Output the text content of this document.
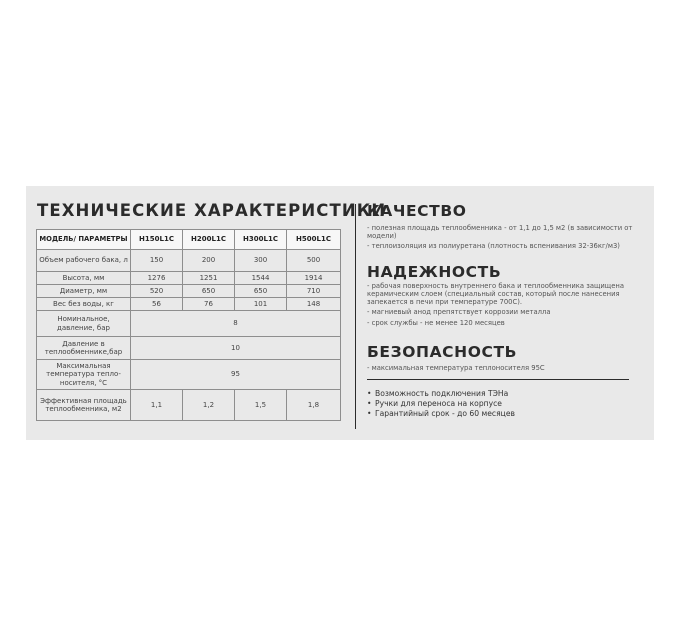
ТЕХНИЧЕСКИЕ ХАРАКТЕРИСТИКИ
МОДЕЛЬ/ ПАРАМЕТРЫ	H150L1C	H200L1C	H300L1C	H500L1C
Объем рабочего бака, л	150	200	300	500
Высота, мм	1276	1251	1544	1914
Диаметр, мм	520	650	650	710
Вес без воды, кг	56	76	101	148
Номинальное, давление, бар	8			
Давление в теплообменнике,бар	10			
Максимальная температура тепло-носителя, °C	95			
Эффективная площадь теплообменника, м2	1,1	1,2	1,5	1,8
КАЧЕСТВО
- полезная площадь теплообменника - от 1,1 до 1,5 м2 (в зависимости от модели)
- теплоизоляция из полиуретана (плотность вспенивания 32-36кг/м3)
НАДЕЖНОСТЬ
- рабочая поверхность внутреннего бака и теплообменника защищена керамическим слоем (специальный состав, который после нанесения запекается в печи при температуре 700С).
- магниевый анод препятствует коррозии металла
- срок службы - не менее 120 месяцев
БЕЗОПАСНОСТЬ
- максимальная температура теплоносителя 95С
• Возможность подключения ТЭНа
• Ручки для переноса на корпусе
• Гарантийный срок - до 60 месяцев
